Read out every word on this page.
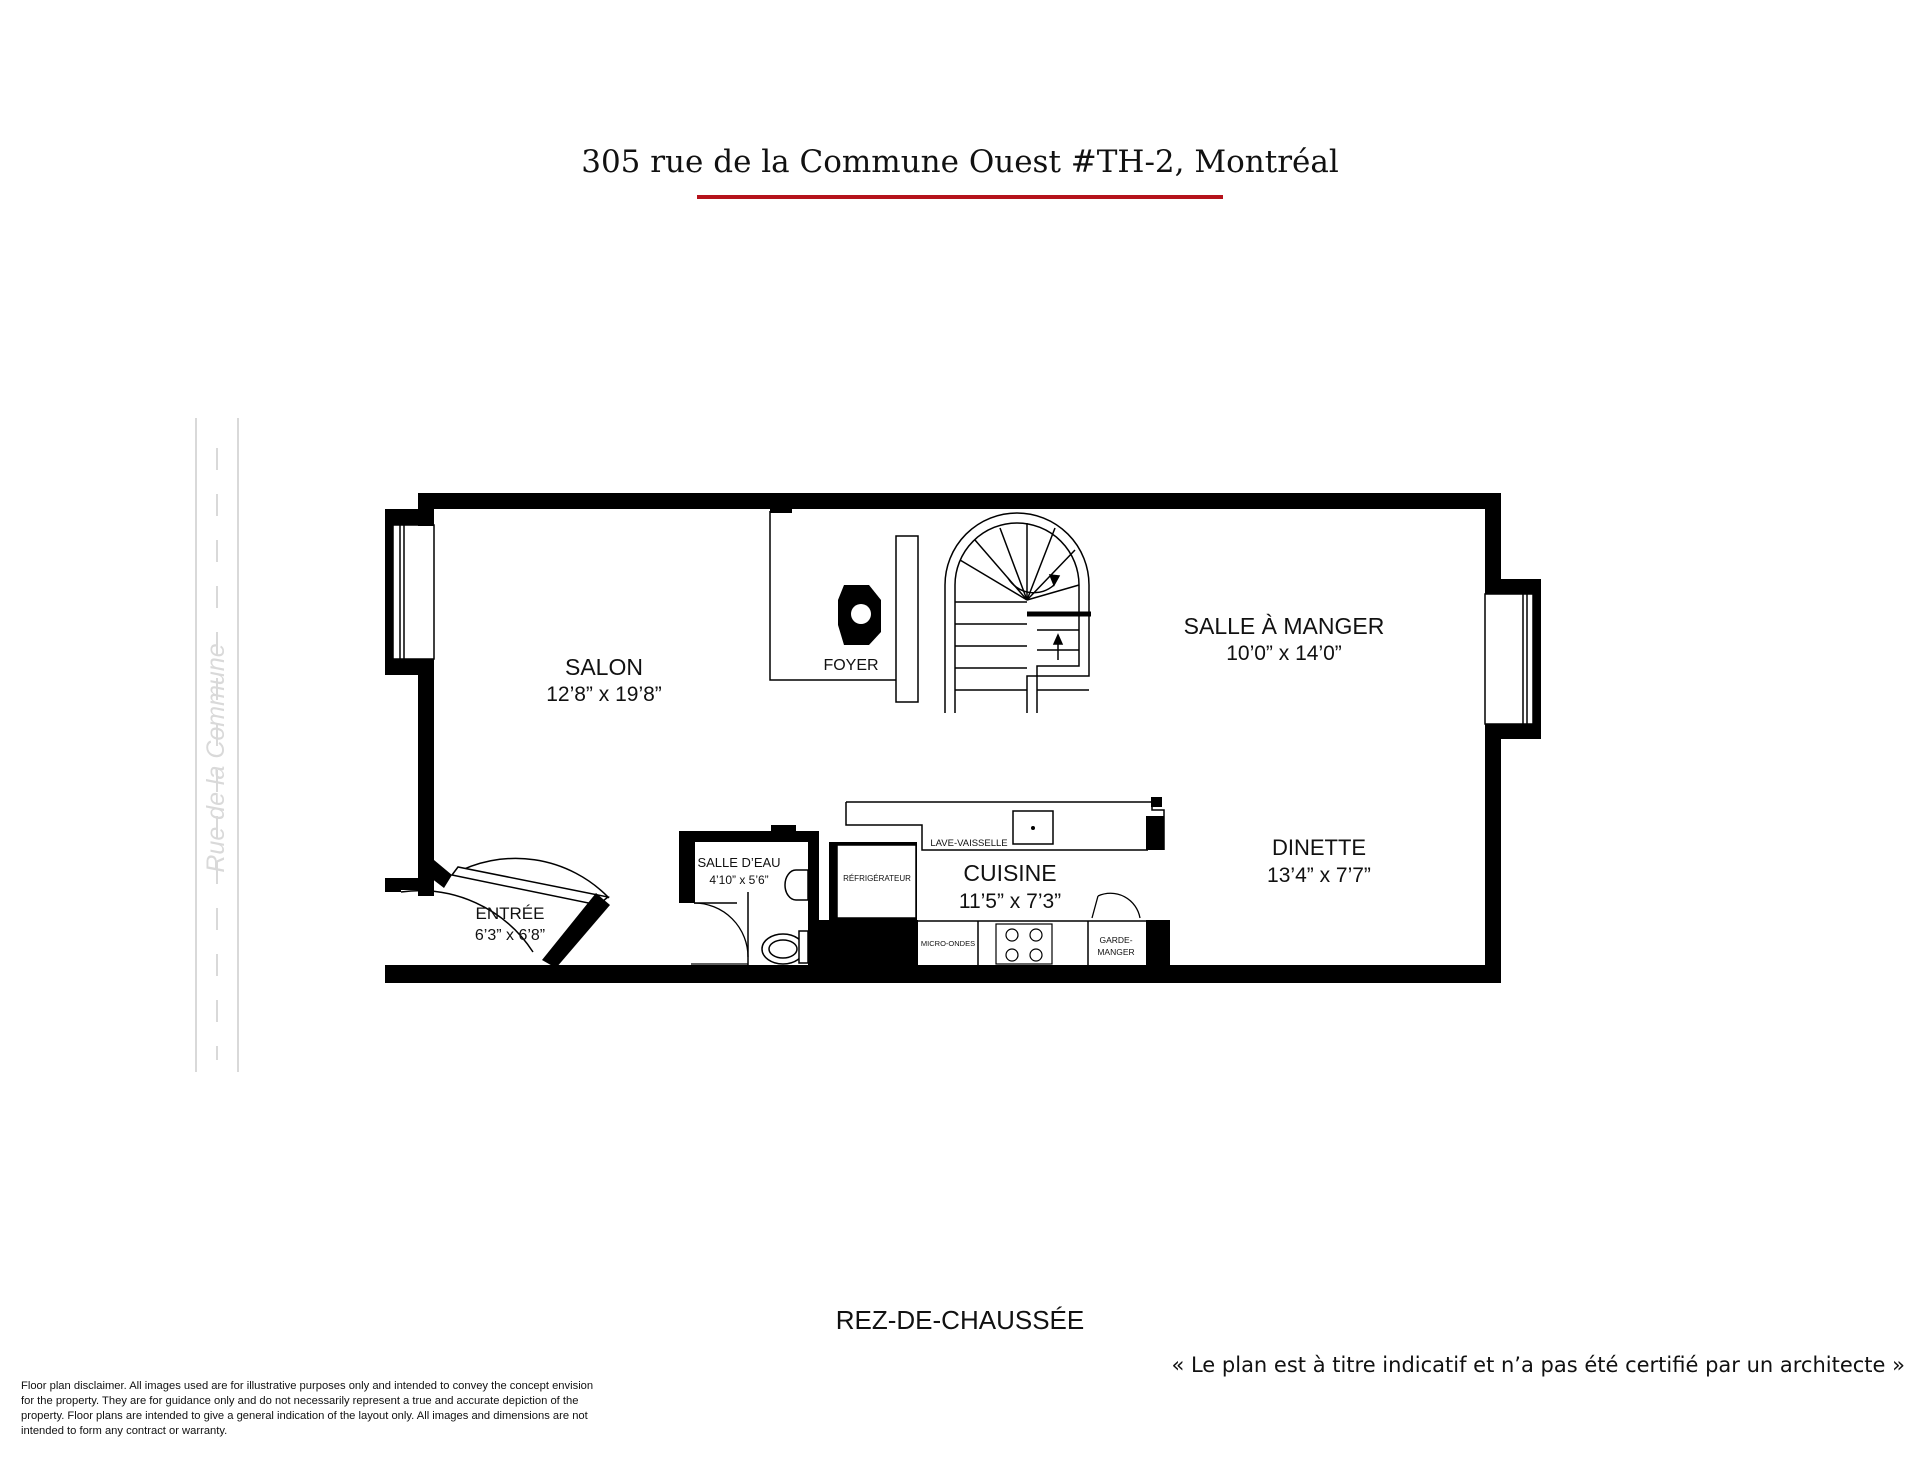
305 rue de la Commune Ouest #TH-2, Montréal
Rue de la Commune	SALON
12’8” x 19’8”
SALLE À MANGER
10’0” x 14’0”
DINETTE
13’4” x 7’7”
CUISINE
11’5” x 7’3”
SALLE D’EAU
4’10” x 5’6”
ENTRÉE
6’3” x 6’8”
FOYER
LAVE-VAISSELLE
RÉFRIGÉRATEUR
MICRO-ONDES	GARDE-
MANGER
REZ-DE-CHAUSSÉE
« Le plan est à titre indicatif et n’a pas été certifié par un architecte »
Floor plan disclaimer. All images used are for illustrative purposes only and intended to convey the concept envision for the property. They are for guidance only and do not necessarily represent a true and accurate depiction of the property. Floor plans are intended to give a general indication of the layout only. All images and dimensions are not intended to form any contract or warranty.
